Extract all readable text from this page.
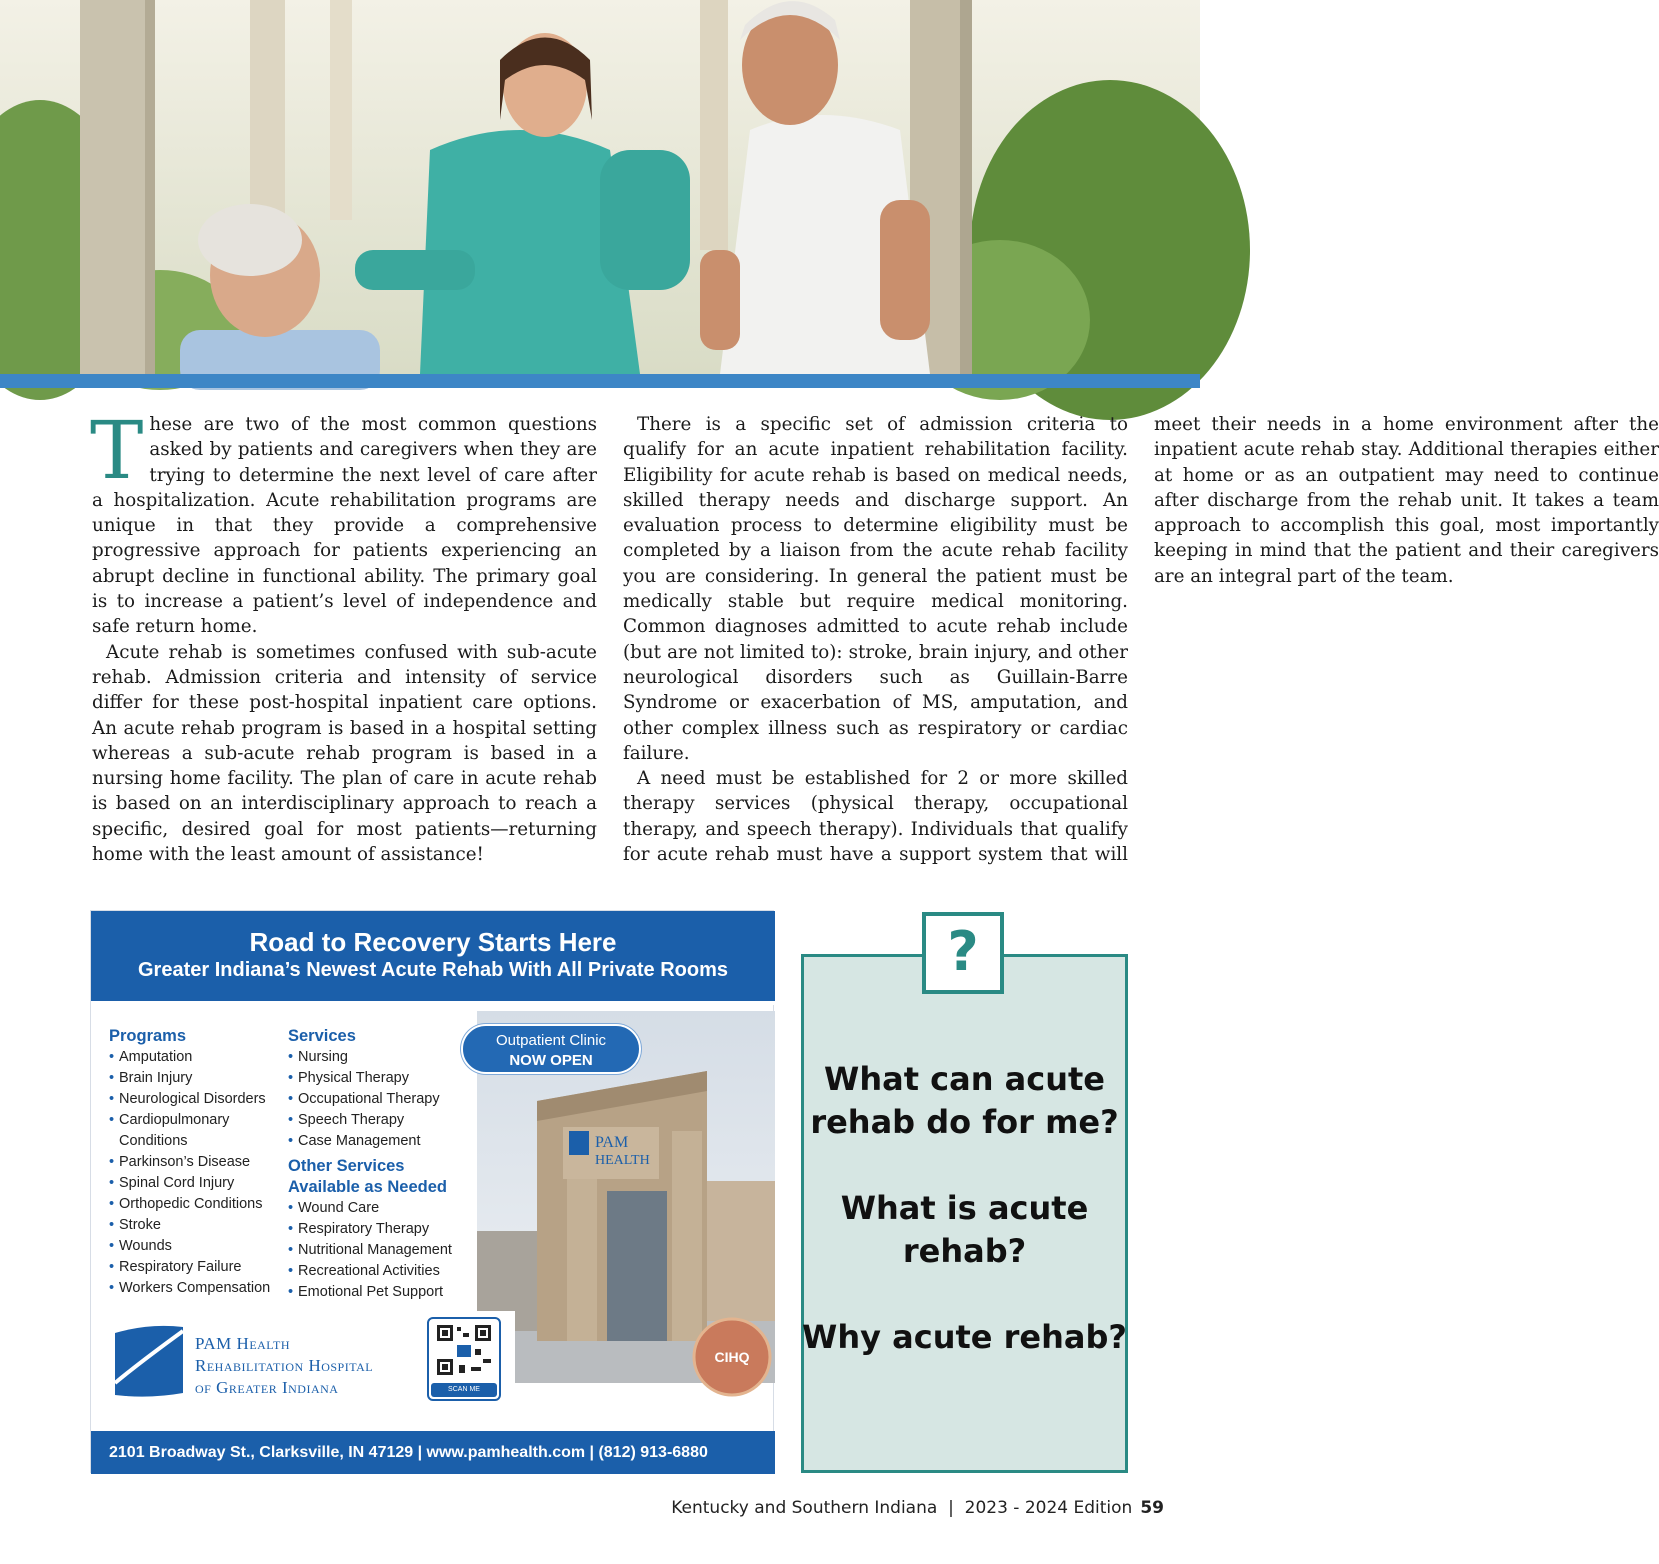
These are two of the most common questions asked by patients and caregivers when they are trying to determine the next level of care after a hospitalization. Acute rehabilitation programs are unique in that they provide a comprehensive progressive approach for patients experiencing an abrupt decline in functional ability. The primary goal is to increase a patient’s level of independence and safe return home.

Acute rehab is sometimes confused with sub-acute rehab. Admission criteria and intensity of service differ for these post-hospital inpatient care options. An acute rehab program is based in a hospital setting whereas a sub-acute rehab program is based in a nursing home facility. The plan of care in acute rehab is based on an interdisciplinary approach to reach a specific, desired goal for most patients—returning home with the least amount of assistance!

There is a specific set of admission criteria to qualify for an acute inpatient rehabilitation facility. Eligibility for acute rehab is based on medical needs, skilled therapy needs and discharge support. An evaluation process to determine eligibility must be completed by a liaison from the acute rehab facility you are considering. In general the patient must be medically stable but require medical monitoring. Common diagnoses admitted to acute rehab include (but are not limited to): stroke, brain injury, and other neurological disorders such as Guillain-Barre Syndrome or exacerbation of MS, amputation, and other complex illness such as respiratory or cardiac failure.

A need must be established for 2 or more skilled therapy services (physical therapy, occupational therapy, and speech therapy). Individuals that qualify for acute rehab must have a support system that will meet their needs in a home environment after the inpatient acute rehab stay. Additional therapies either at home or as an outpatient may need to continue after discharge from the rehab unit. It takes a team approach to accomplish this goal, most importantly keeping in mind that the patient and their caregivers are an integral part of the team.

Road to Recovery Starts Here
Greater Indiana’s Newest Acute Rehab With All Private Rooms
PAM
HEALTH
CIHQ
Outpatient Clinic
NOW OPEN
Programs
• Amputation
• Brain Injury
• Neurological Disorders
• Cardiopulmonary Conditions
• Parkinson’s Disease
• Spinal Cord Injury
• Orthopedic Conditions
• Stroke
• Wounds
• Respiratory Failure
• Workers Compensation
Services
• Nursing
• Physical Therapy
• Occupational Therapy
• Speech Therapy
• Case Management
Other Services Available as Needed
• Wound Care
• Respiratory Therapy
• Nutritional Management
• Recreational Activities
• Emotional Pet Support
PAM Health
Rehabilitation Hospital
of Greater Indiana	SCAN ME
2101 Broadway St., Clarksville, IN 47129 | www.pamhealth.com | (812) 913-6880
?
What can acute rehab do for me?
What is acute rehab?
Why acute rehab?
Kentucky and Southern Indiana  |  2023 - 2024 Edition 59
